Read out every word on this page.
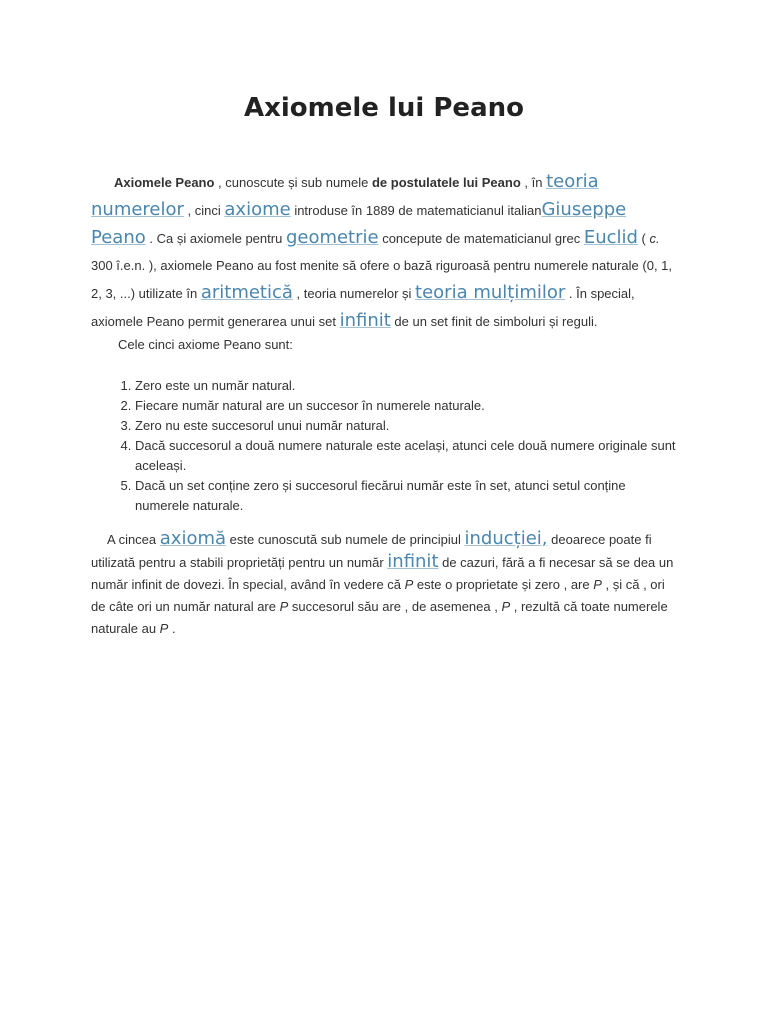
Axiomele lui Peano

Axiomele Peano , cunoscute și sub numele de postulatele lui Peano , în teoria numerelor , cinci axiome introduse în 1889 de matematicianul italianGiuseppe Peano . Ca și axiomele pentru geometrie concepute de matematicianul grec Euclid ( c. 300 î.e.n. ), axiomele Peano au fost menite să ofere o bază riguroasă pentru numerele naturale (0, 1, 2, 3, ...) utilizate în aritmetică , teoria numerelor și teoria mulțimilor . În special, axiomele Peano permit generarea unui set infinit de un set finit de simboluri și reguli.

Cele cinci axiome Peano sunt:

1. Zero este un număr natural.
2. Fiecare număr natural are un succesor în numerele naturale.
3. Zero nu este succesorul unui număr natural.
4. Dacă succesorul a două numere naturale este același, atunci cele două numere originale sunt aceleași.
5. Dacă un set conține zero și succesorul fiecărui număr este în set, atunci setul conține numerele naturale.

A cincea axiomă este cunoscută sub numele de principiul inducției, deoarece poate fi utilizată pentru a stabili proprietăți pentru un număr infinit de cazuri, fără a fi necesar să se dea un număr infinit de dovezi. În special, având în vedere că P este o proprietate și zero , are P , și că , ori de câte ori un număr natural are P succesorul său are , de asemenea , P , rezultă că toate numerele naturale au P .
